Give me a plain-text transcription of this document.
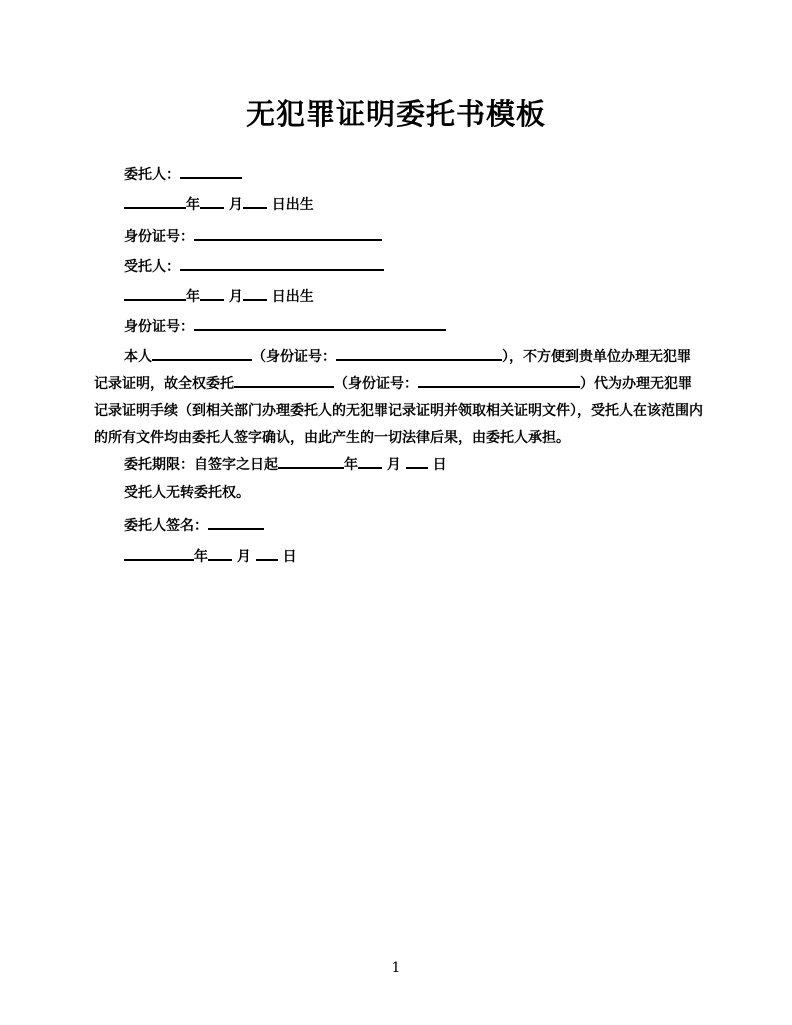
无犯罪证明委托书模板
委托人：
年 月 日出生
身份证号：
受托人：
年 月 日出生
身份证号：
本人	（身份证号：	），不方便到贵单位办理无犯罪记录证明，故全权委托	（身份证号：	）代为办理无犯罪记录证明手续（到相关部门办理委托人的无犯罪记录证明并领取相关证明文件），受托人在该范围内的所有文件均由委托人签字确认，由此产生的一切法律后果，由委托人承担。
委托期限：自签字之日起	年 月 日
受托人无转委托权。
委托人签名：
年 月 日
1
